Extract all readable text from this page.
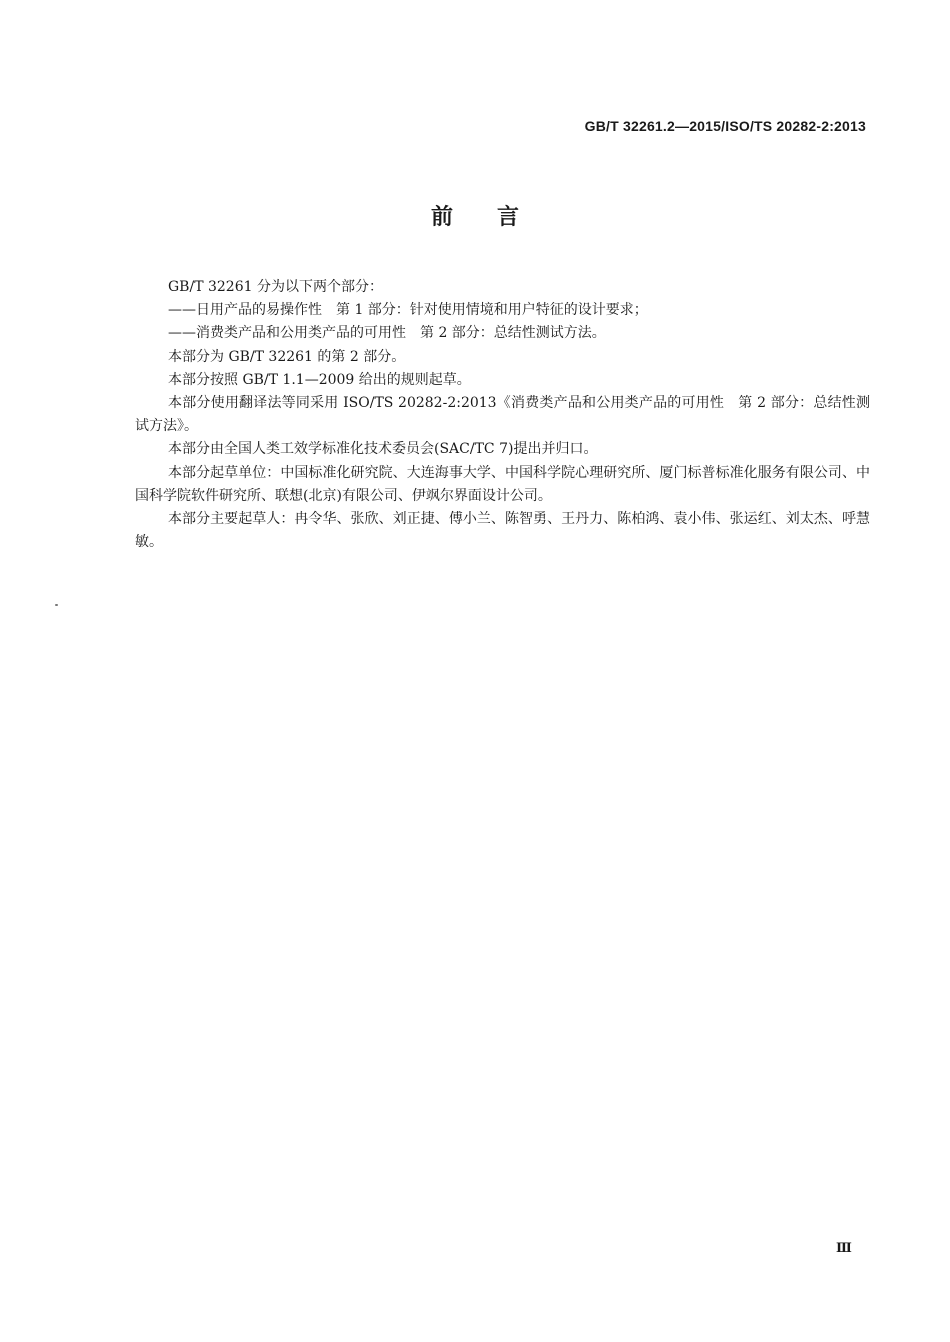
GB/T 32261.2—2015/ISO/TS 20282-2:2013
前言

GB/T 32261 分为以下两个部分：

——日用产品的易操作性　第 1 部分：针对使用情境和用户特征的设计要求；

——消费类产品和公用类产品的可用性　第 2 部分：总结性测试方法。

本部分为 GB/T 32261 的第 2 部分。

本部分按照 GB/T 1.1—2009 给出的规则起草。

本部分使用翻译法等同采用 ISO/TS 20282-2:2013《消费类产品和公用类产品的可用性　第 2 部分：总结性测试方法》。

本部分由全国人类工效学标准化技术委员会(SAC/TC 7)提出并归口。

本部分起草单位：中国标准化研究院、大连海事大学、中国科学院心理研究所、厦门标普标准化服务有限公司、中国科学院软件研究所、联想(北京)有限公司、伊飒尔界面设计公司。

本部分主要起草人：冉令华、张欣、刘正捷、傅小兰、陈智勇、王丹力、陈柏鸿、袁小伟、张运红、刘太杰、呼慧敏。

Ⅲ
